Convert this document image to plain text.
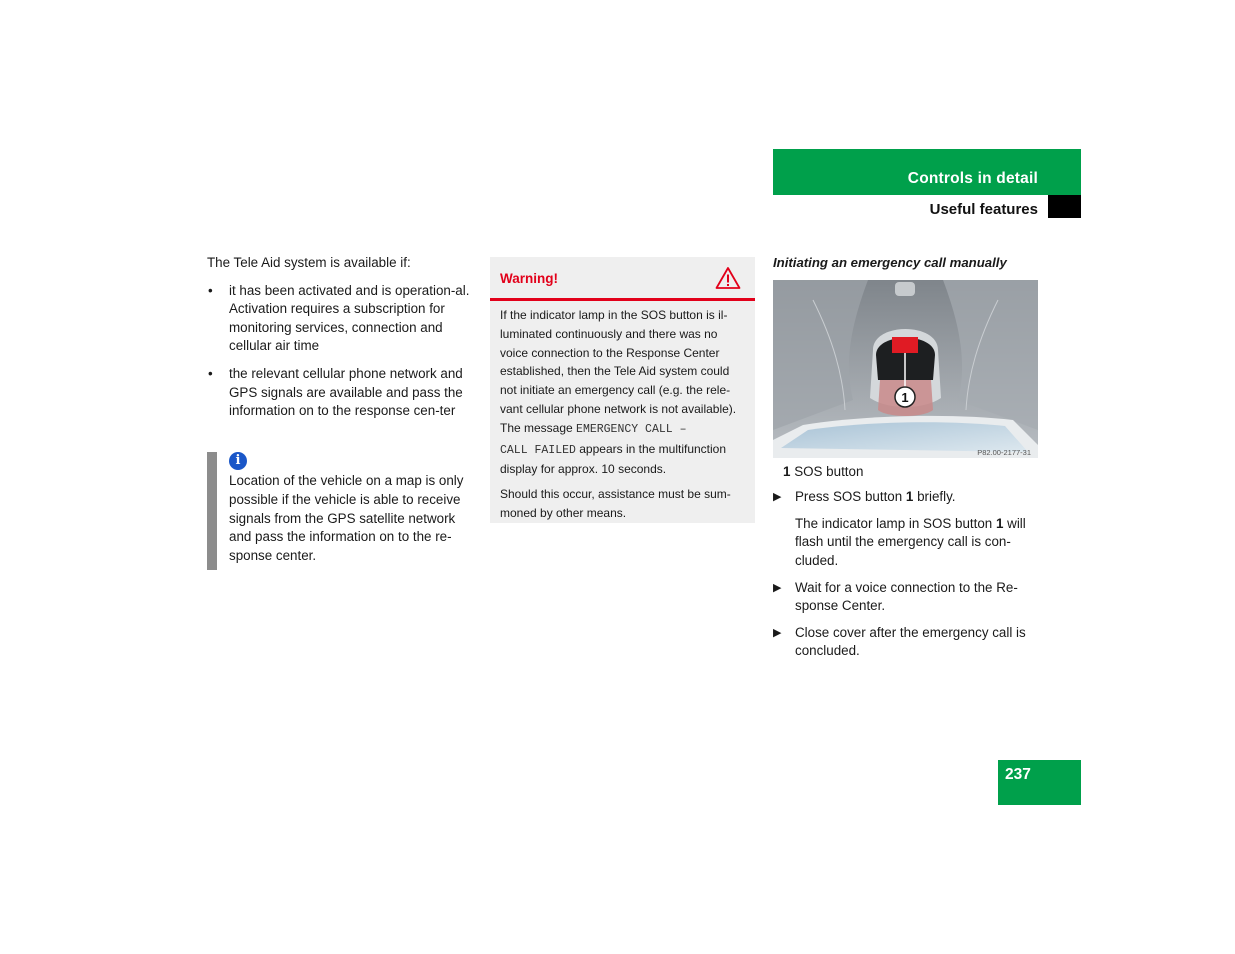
Controls in detail
Useful features

The Tele Aid system is available if:

• it has been activated and is operation-al. Activation requires a subscription for monitoring services, connection and cellular air time
• the relevant cellular phone network and GPS signals are available and pass the information on to the response cen-ter
i
Location of the vehicle on a map is only possible if the vehicle is able to receive signals from the GPS satellite network and pass the information on to the re-sponse center.
Warning!

If the indicator lamp in the SOS button is il-luminated continuously and there was no voice connection to the Response Center established, then the Tele Aid system could not initiate an emergency call (e.g. the rele-vant cellular phone network is not available). The message EMERGENCY CALL –
CALL FAILED appears in the multifunction display for approx. 10 seconds.

Should this occur, assistance must be sum-moned by other means.

Initiating an emergency call manually
1
P82.00-2177-31

1 SOS button

▶ Press SOS button 1 briefly.

The indicator lamp in SOS button 1 will flash until the emergency call is con-cluded.

▶ Wait for a voice connection to the Re-sponse Center.
▶ Close cover after the emergency call is concluded.
237
